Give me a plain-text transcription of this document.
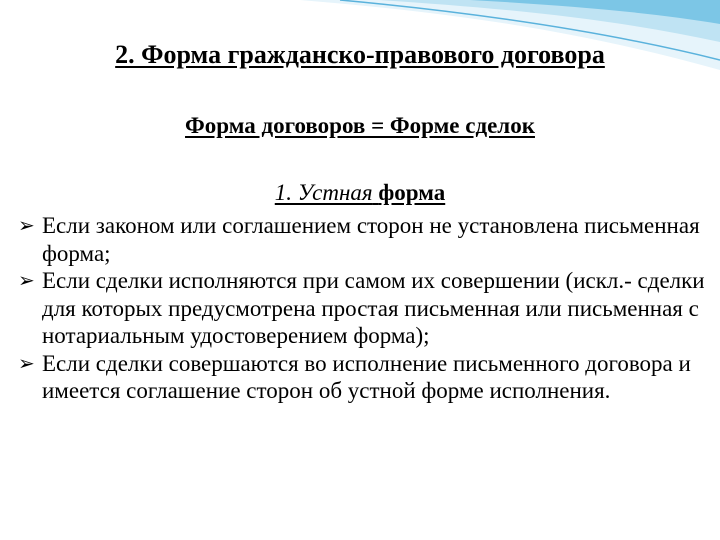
2. Форма гражданско-правового договора
Форма договоров = Форме сделок
1. Устная форма
➢ Если законом или соглашением сторон не установлена письменная форма;
➢ Если сделки исполняются при самом их совершении (искл.- сделки для которых предусмотрена простая письменная или письменная с нотариальным удостоверением форма);
➢ Если сделки совершаются во исполнение письменного договора и имеется соглашение сторон об устной форме исполнения.
